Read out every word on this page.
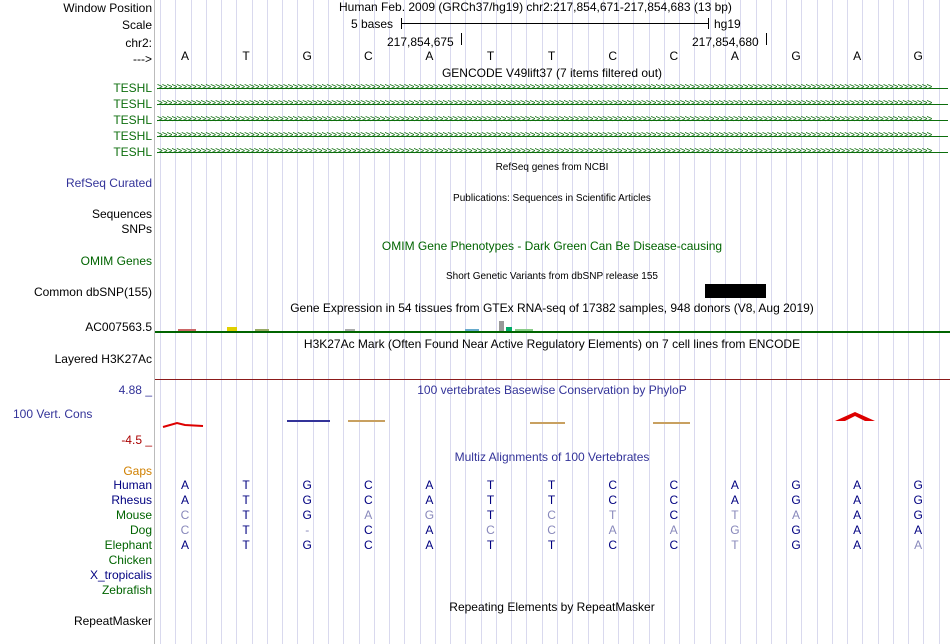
Window Position
Scale
chr2:
--->
Human Feb. 2009 (GRCh37/hg19) chr2:217,854,671-217,854,683 (13 bp)
5 bases	hg19
217,854,675	217,854,680
A	T	G	C	A	T	T	C	C	A	G	A	G
GENCODE V49lift37 (7 items filtered out)
TESHL >>>>>>>>>>>>>>>>>>>>>>>>>>>>>>>>>>>>>>>>>>>>>>>>>>>>>>>>>>>>>>>>>>>>>>>>>>>>>>>>>>>>>>>>>>>>>>>>>>>>>>>>>>>>>>>>>>>>>>>>>>>>>>>>>>>>>>>>>>>>>>>>>>>>>>>>>>>>>>>>
TESHL >>>>>>>>>>>>>>>>>>>>>>>>>>>>>>>>>>>>>>>>>>>>>>>>>>>>>>>>>>>>>>>>>>>>>>>>>>>>>>>>>>>>>>>>>>>>>>>>>>>>>>>>>>>>>>>>>>>>>>>>>>>>>>>>>>>>>>>>>>>>>>>>>>>>>>>>>>>>>>>>
TESHL >>>>>>>>>>>>>>>>>>>>>>>>>>>>>>>>>>>>>>>>>>>>>>>>>>>>>>>>>>>>>>>>>>>>>>>>>>>>>>>>>>>>>>>>>>>>>>>>>>>>>>>>>>>>>>>>>>>>>>>>>>>>>>>>>>>>>>>>>>>>>>>>>>>>>>>>>>>>>>>>
TESHL >>>>>>>>>>>>>>>>>>>>>>>>>>>>>>>>>>>>>>>>>>>>>>>>>>>>>>>>>>>>>>>>>>>>>>>>>>>>>>>>>>>>>>>>>>>>>>>>>>>>>>>>>>>>>>>>>>>>>>>>>>>>>>>>>>>>>>>>>>>>>>>>>>>>>>>>>>>>>>>>
TESHL >>>>>>>>>>>>>>>>>>>>>>>>>>>>>>>>>>>>>>>>>>>>>>>>>>>>>>>>>>>>>>>>>>>>>>>>>>>>>>>>>>>>>>>>>>>>>>>>>>>>>>>>>>>>>>>>>>>>>>>>>>>>>>>>>>>>>>>>>>>>>>>>>>>>>>>>>>>>>>>>
RefSeq genes from NCBI
RefSeq Curated
Publications: Sequences in Scientific Articles
Sequences
SNPs
OMIM Gene Phenotypes - Dark Green Can Be Disease-causing
OMIM Genes
Short Genetic Variants from dbSNP release 155
Common dbSNP(155)
Gene Expression in 54 tissues from GTEx RNA-seq of 17382 samples, 948 donors (V8, Aug 2019)
AC007563.5
H3K27Ac Mark (Often Found Near Active Regulatory Elements) on 7 cell lines from ENCODE
Layered H3K27Ac
100 vertebrates Basewise Conservation by PhyloP
4.88 _
100 Vert. Cons
-4.5 _
Multiz Alignments of 100 Vertebrates
Gaps
Human A	T	G	C	A	T	T	C	C	A	G	A	G
Rhesus A	T	G	C	A	T	T	C	C	A	G	A	G
Mouse C	T	G	A	G	T	C	T	C	T	A	A	G
Dog C	T	-	C	A	C	C	A	A	G	G	A	A
Elephant A	T	G	C	A	T	T	C	C	T	G	A	A
Chicken
X_tropicalis
Zebrafish
Repeating Elements by RepeatMasker
RepeatMasker
